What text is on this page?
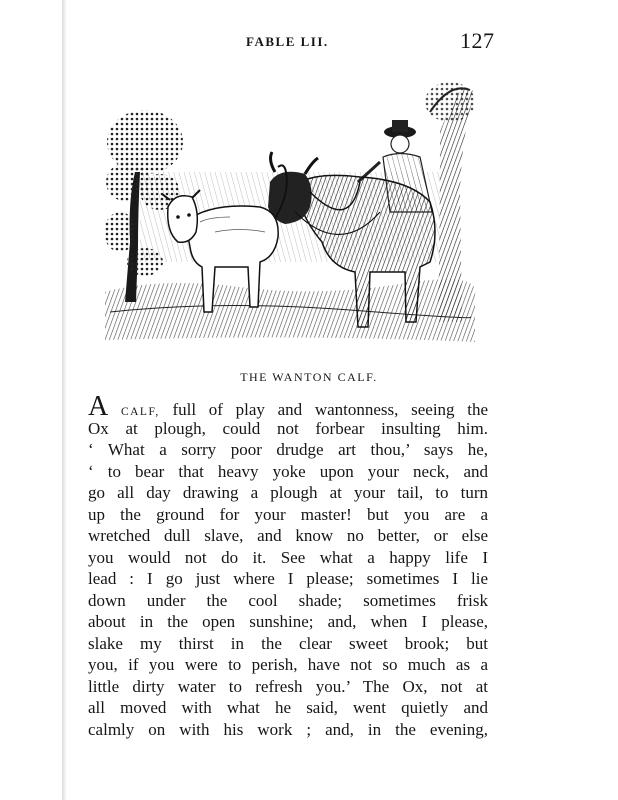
FABLE LII.	127
THE WANTON CALF.
A CALF, full of play and wantonness, seeing the
Ox at plough, could not forbear insulting him.
‘ What a sorry poor drudge art thou,’ says he,
‘ to bear that heavy yoke upon your neck, and
go all day drawing a plough at your tail, to turn
up the ground for your master! but you are a
wretched dull slave, and know no better, or else
you would not do it. See what a happy life I
lead : I go just where I please; sometimes I lie
down under the cool shade; sometimes frisk
about in the open sunshine; and, when I please,
slake my thirst in the clear sweet brook; but
you, if you were to perish, have not so much as a
little dirty water to refresh you.’ The Ox, not at
all moved with what he said, went quietly and
calmly on with his work ; and, in the evening,
